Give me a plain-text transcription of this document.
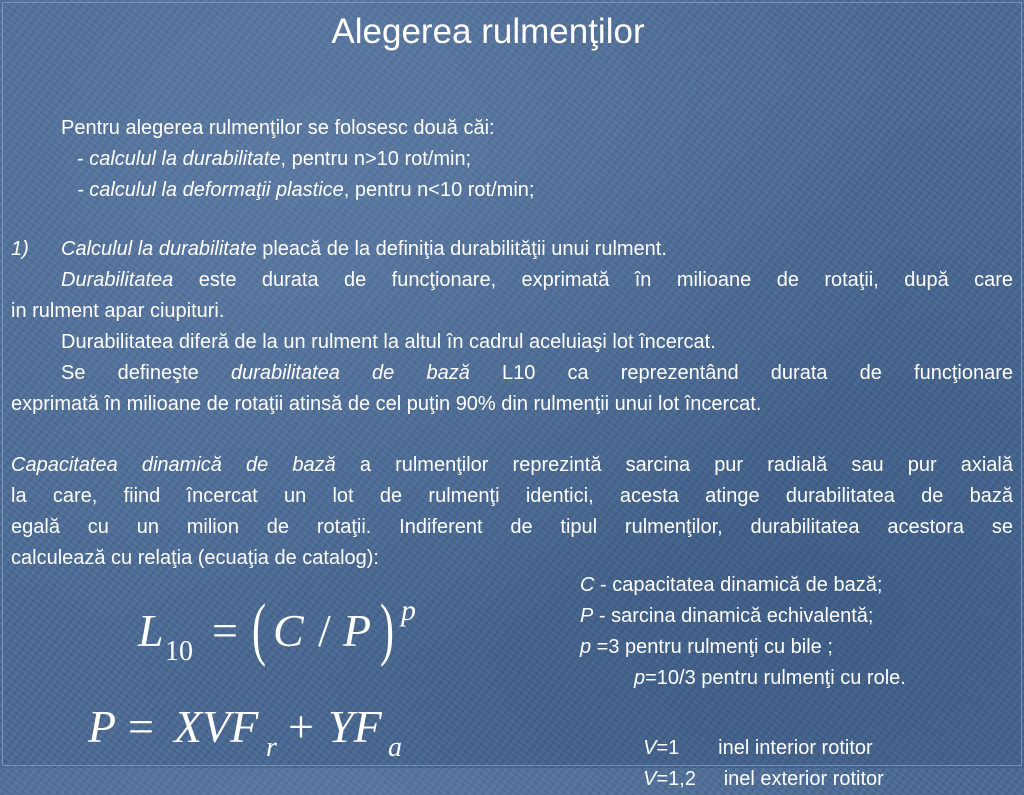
Alegerea rulmenţilor
Pentru alegerea rulmenţilor se folosesc două căi:
- calculul la durabilitate, pentru n>10 rot/min;
- calculul la deformaţii plastice, pentru n<10 rot/min;
1) Calculul la durabilitate pleacă de la definiţia durabilităţii unui rulment.
Durabilitatea este durata de funcţionare, exprimată în milioane de rotaţii, după care
in rulment apar ciupituri.
Durabilitatea diferă de la un rulment la altul în cadrul aceluiaşi lot încercat.
Se defineşte durabilitatea de bază L10 ca reprezentând durata de funcţionare
exprimată în milioane de rotaţii atinsă de cel puţin 90% din rulmenţii unui lot încercat.
Capacitatea dinamică de bază a rulmenţilor reprezintă sarcina pur radială sau pur axială
la care, fiind încercat un lot de rulmenţi identici, acesta atinge durabilitatea de bază
egală cu un milion de rotaţii. Indiferent de tipul rulmenţilor, durabilitatea acestora se
calculează cu relaţia (ecuaţia de catalog):
L 10 = ( C / P ) p
P = XVF r + YF a
C - capacitatea dinamică de bază;
P - sarcina dinamică echivalentă;
p =3 pentru rulmenţi cu bile ;
p=10/3 pentru rulmenţi cu role.

V=1       inel interior rotitor

V=1,2     inel exterior rotitor
